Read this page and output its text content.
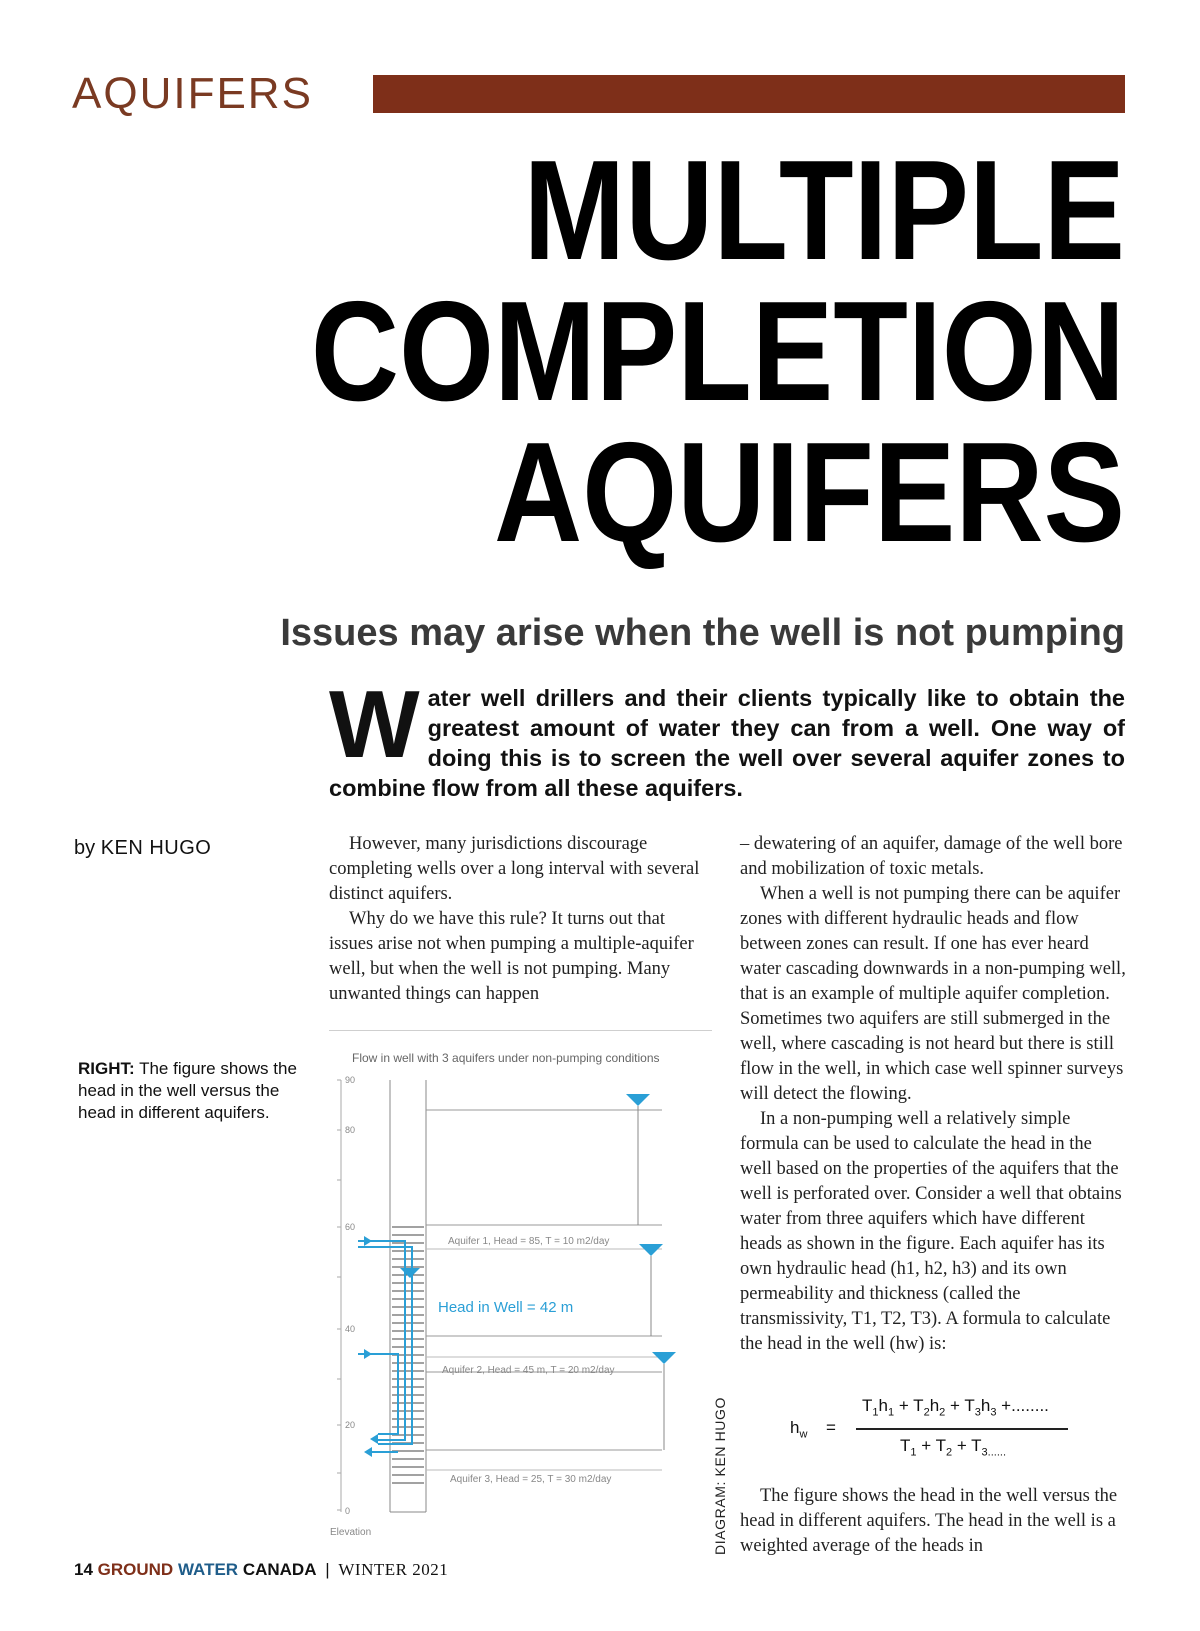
AQUIFERS
MULTIPLE
COMPLETION
AQUIFERS
Issues may arise when the well is not pumping
W ater well drillers and their clients typically like to obtain the greatest amount of water they can from a well. One way of doing this is to screen the well over several aquifer zones to combine flow from all these aquifers.
by KEN HUGO
RIGHT: The figure shows the head in the well versus the head in different aquifers.

However, many jurisdictions discourage completing wells over a long interval with several distinct aquifers.

Why do we have this rule? It turns out that issues arise not when pumping a multiple-aquifer well, but when the well is not pumping. Many unwanted things can happen

– dewatering of an aquifer, damage of the well bore and mobilization of toxic metals.

When a well is not pumping there can be aquifer zones with different hydraulic heads and flow between zones can result. If one has ever heard water cascading downwards in a non-pumping well, that is an example of multiple aquifer completion. Sometimes two aquifers are still submerged in the well, where cascading is not heard but there is still flow in the well, in which case well spinner surveys will detect the flowing.

In a non-pumping well a relatively simple formula can be used to calculate the head in the well based on the properties of the aquifers that the well is perforated over. Consider a well that obtains water from three aquifers which have different heads as shown in the figure. Each aquifer has its own hydraulic head (h1, h2, h3) and its own permeability and thickness (called the transmissivity, T1, T2, T3). A formula to calculate the head in the well (hw) is:

$h_w$ =
$T_1h_1 + T_2h_2 + T_3h_3$ +........
$T_1 + T_2 + T_{3......}$

The figure shows the head in the well versus the head in different aquifers. The head in the well is a weighted average of the heads in

Flow in well with 3 aquifers under non-pumping conditions
90
80
60
40
20
0
Elevation
Aquifer 1, Head = 85, T = 10 m2/day
Aquifer 2, Head = 45 m, T = 20 m2/day
Aquifer 3, Head = 25, T = 30 m2/day
Head in Well = 42 m
DIAGRAM: KEN HUGO
14 GROUND WATER CANADA | WINTER 2021
